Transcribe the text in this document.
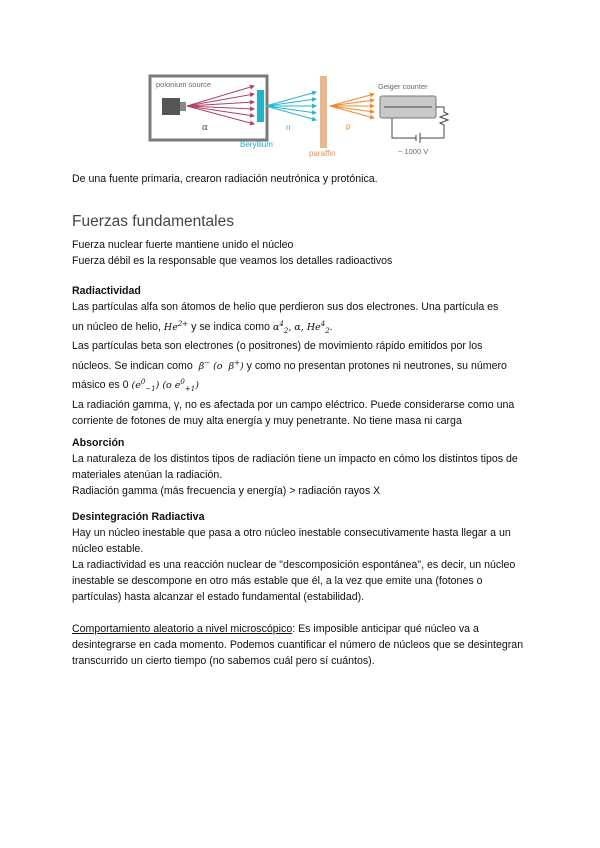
polonium source
α
Beryllium
n
paraffin
p
Geiger counter
~ 1000 V
De una fuente primaria, crearon radiación neutrónica y protónica.
Fuerzas fundamentales

Fuerza nuclear fuerte mantiene unido el núcleo

Fuerza débil es la responsable que veamos los detalles radioactivos

Radiactividad

Las partículas alfa son átomos de helio que perdieron sus dos electrones. Una partícula es

un núcleo de helio, $He^{2+}$ y se indica como $\alpha^4_2$, α, $He^4_2$.

Las partículas beta son electrones (o positrones) de movimiento rápido emitidos por los

núcleos. Se indican como  β− (o  β+) y como no presentan protones ni neutrones, su número

másico es 0 $(e^0_{-1})$ (o $e^0_{+1}$)

La radiación gamma, γ, no es afectada por un campo eléctrico. Puede considerarse como una corriente de fotones de muy alta energía y muy penetrante. No tiene masa ni carga

Absorción

La naturaleza de los distintos tipos de radiación tiene un impacto en cómo los distintos tipos de materiales atenúan la radiación.

Radiación gamma (más frecuencia y energía) > radiación rayos X

Desintegración Radiactiva

Hay un núcleo inestable que pasa a otro núcleo inestable consecutivamente hasta llegar a un núcleo estable.

La radiactividad es una reacción nuclear de "descomposición espontánea", es decir, un núcleo inestable se descompone en otro más estable que él, a la vez que emite una (fotones o partículas) hasta alcanzar el estado fundamental (estabilidad).

Comportamiento aleatorio a nivel microscópico: Es imposible anticipar qué núcleo va a desintegrarse en cada momento. Podemos cuantificar el número de núcleos que se desintegran transcurrido un cierto tiempo (no sabemos cuál pero sí cuántos).
